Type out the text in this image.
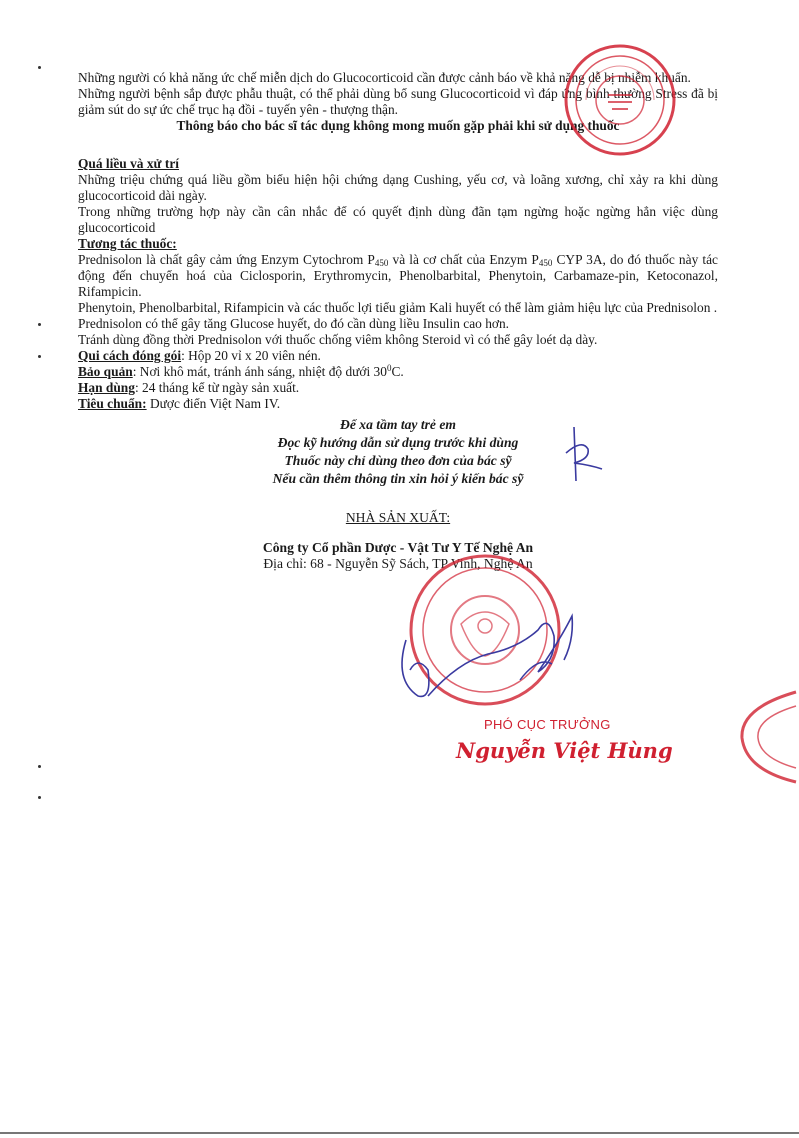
Những người có khả năng ức chế miễn dịch do Glucocorticoid cần được cảnh báo về khả năng dễ bị nhiễm khuẩn.

Những người bệnh sắp được phẫu thuật, có thể phải dùng bổ sung Glucocorticoid vì đáp ứng bình thường Stress đã bị giảm sút do sự ức chế trục hạ đồi - tuyến yên - thượng thận.

Thông báo cho bác sĩ tác dụng không mong muốn gặp phải khi sử dụng thuốc

Quá liều và xử trí

Những triệu chứng quá liều gồm biểu hiện hội chứng dạng Cushing, yếu cơ, và loãng xương, chỉ xảy ra khi dùng glucocorticoid dài ngày.

Trong những trường hợp này cần cân nhắc để có quyết định dùng đãn tạm ngừng hoặc ngừng hẳn việc dùng glucocorticoid

Tương tác thuốc:

Prednisolon là chất gây cảm ứng Enzym Cytochrom $P_{450}$ và là cơ chất của Enzym $P_{450}$ CYP 3A, do đó thuốc này tác động đến chuyển hoá của Ciclosporin, Erythromycin, Phenolbarbital, Phenytoin, Carbamaze-pin, Ketoconazol, Rifampicin.

Phenytoin, Phenolbarbital, Rifampicin và các thuốc lợi tiểu giảm Kali huyết có thể làm giảm hiệu lực của Prednisolon .

Prednisolon có thể gây tăng Glucose huyết, do đó cần dùng liều Insulin cao hơn.

Tránh dùng đồng thời Prednisolon với thuốc chống viêm không Steroid vì có thể gây loét dạ dày.

Qui cách đóng gói: Hộp 20 vỉ x 20 viên nén.

Bảo quản: Nơi khô mát, tránh ánh sáng, nhiệt độ dưới $30^0C$.

Hạn dùng: 24 tháng kể từ ngày sản xuất.

Tiêu chuẩn: Dược điển Việt Nam IV.

Để xa tầm tay trẻ em
Đọc kỹ hướng dẫn sử dụng trước khi dùng
Thuốc này chỉ dùng theo đơn của bác sỹ
Nếu cần thêm thông tin xin hỏi ý kiến bác sỹ
NHÀ SẢN XUẤT:
Công ty Cổ phần Dược - Vật Tư Y Tế Nghệ An
Địa chỉ: 68 - Nguyễn Sỹ Sách, TP Vinh, Nghệ An
PHÓ CỤC TRƯỞNG
Nguyễn Việt Hùng
